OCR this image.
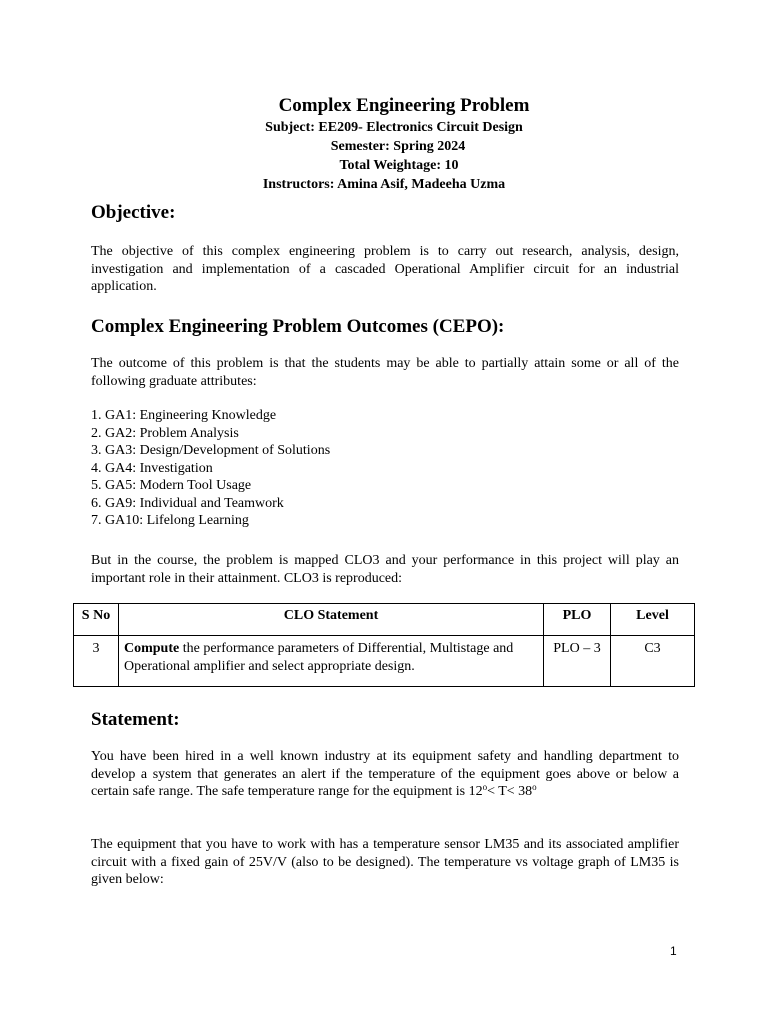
Complex Engineering Problem
Subject: EE209- Electronics Circuit Design
Semester: Spring 2024
Total Weightage: 10
Instructors: Amina Asif, Madeeha Uzma
Objective:

The objective of this complex engineering problem is to carry out research, analysis, design, investigation and implementation of a cascaded Operational Amplifier circuit for an industrial application.

Complex Engineering Problem Outcomes (CEPO):

The outcome of this problem is that the students may be able to partially attain some or all of the following graduate attributes:

1. GA1: Engineering Knowledge
2. GA2: Problem Analysis
3. GA3: Design/Development of Solutions
4. GA4: Investigation
5. GA5: Modern Tool Usage
6. GA9: Individual and Teamwork
7. GA10: Lifelong Learning

But in the course, the problem is mapped CLO3 and your performance in this project will play an important role in their attainment. CLO3 is reproduced:

S No	CLO Statement	PLO	Level
3	Compute the performance parameters of Differential, Multistage and Operational amplifier and select appropriate design.	PLO – 3	C3
Statement:

You have been hired in a well known industry at its equipment safety and handling department to develop a system that generates an alert if the temperature of the equipment goes above or below a certain safe range. The safe temperature range for the equipment is $12^o< T< 38^o$

The equipment that you have to work with has a temperature sensor LM35 and its associated amplifier circuit with a fixed gain of 25V/V (also to be designed). The temperature vs voltage graph of LM35 is given below:

1
